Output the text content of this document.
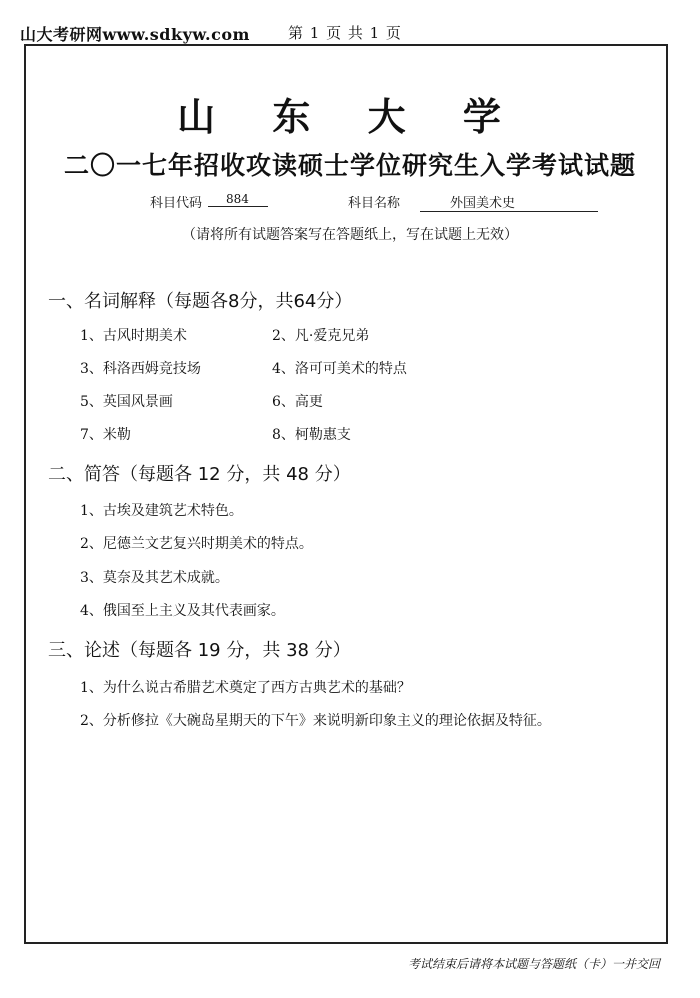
山大考研网www.sdkyw.com	第 1 页 共 1 页
山 东 大 学
二〇一七年招收攻读硕士学位研究生入学考试试题
科目代码	884	科目名称	外国美术史
（请将所有试题答案写在答题纸上，写在试题上无效）
一、名词解释（每题各8分，共64分）
1、古风时期美术	2、凡·爱克兄弟
3、科洛西姆竞技场	4、洛可可美术的特点
5、英国风景画	6、高更
7、米勒	8、柯勒惠支
二、简答（每题各 12 分，共 48 分）
1、古埃及建筑艺术特色。
2、尼德兰文艺复兴时期美术的特点。
3、莫奈及其艺术成就。
4、俄国至上主义及其代表画家。
三、论述（每题各 19 分，共 38 分）
1、为什么说古希腊艺术奠定了西方古典艺术的基础？
2、分析修拉《大碗岛星期天的下午》来说明新印象主义的理论依据及特征。
考试结束后请将本试题与答题纸（卡）一并交回
